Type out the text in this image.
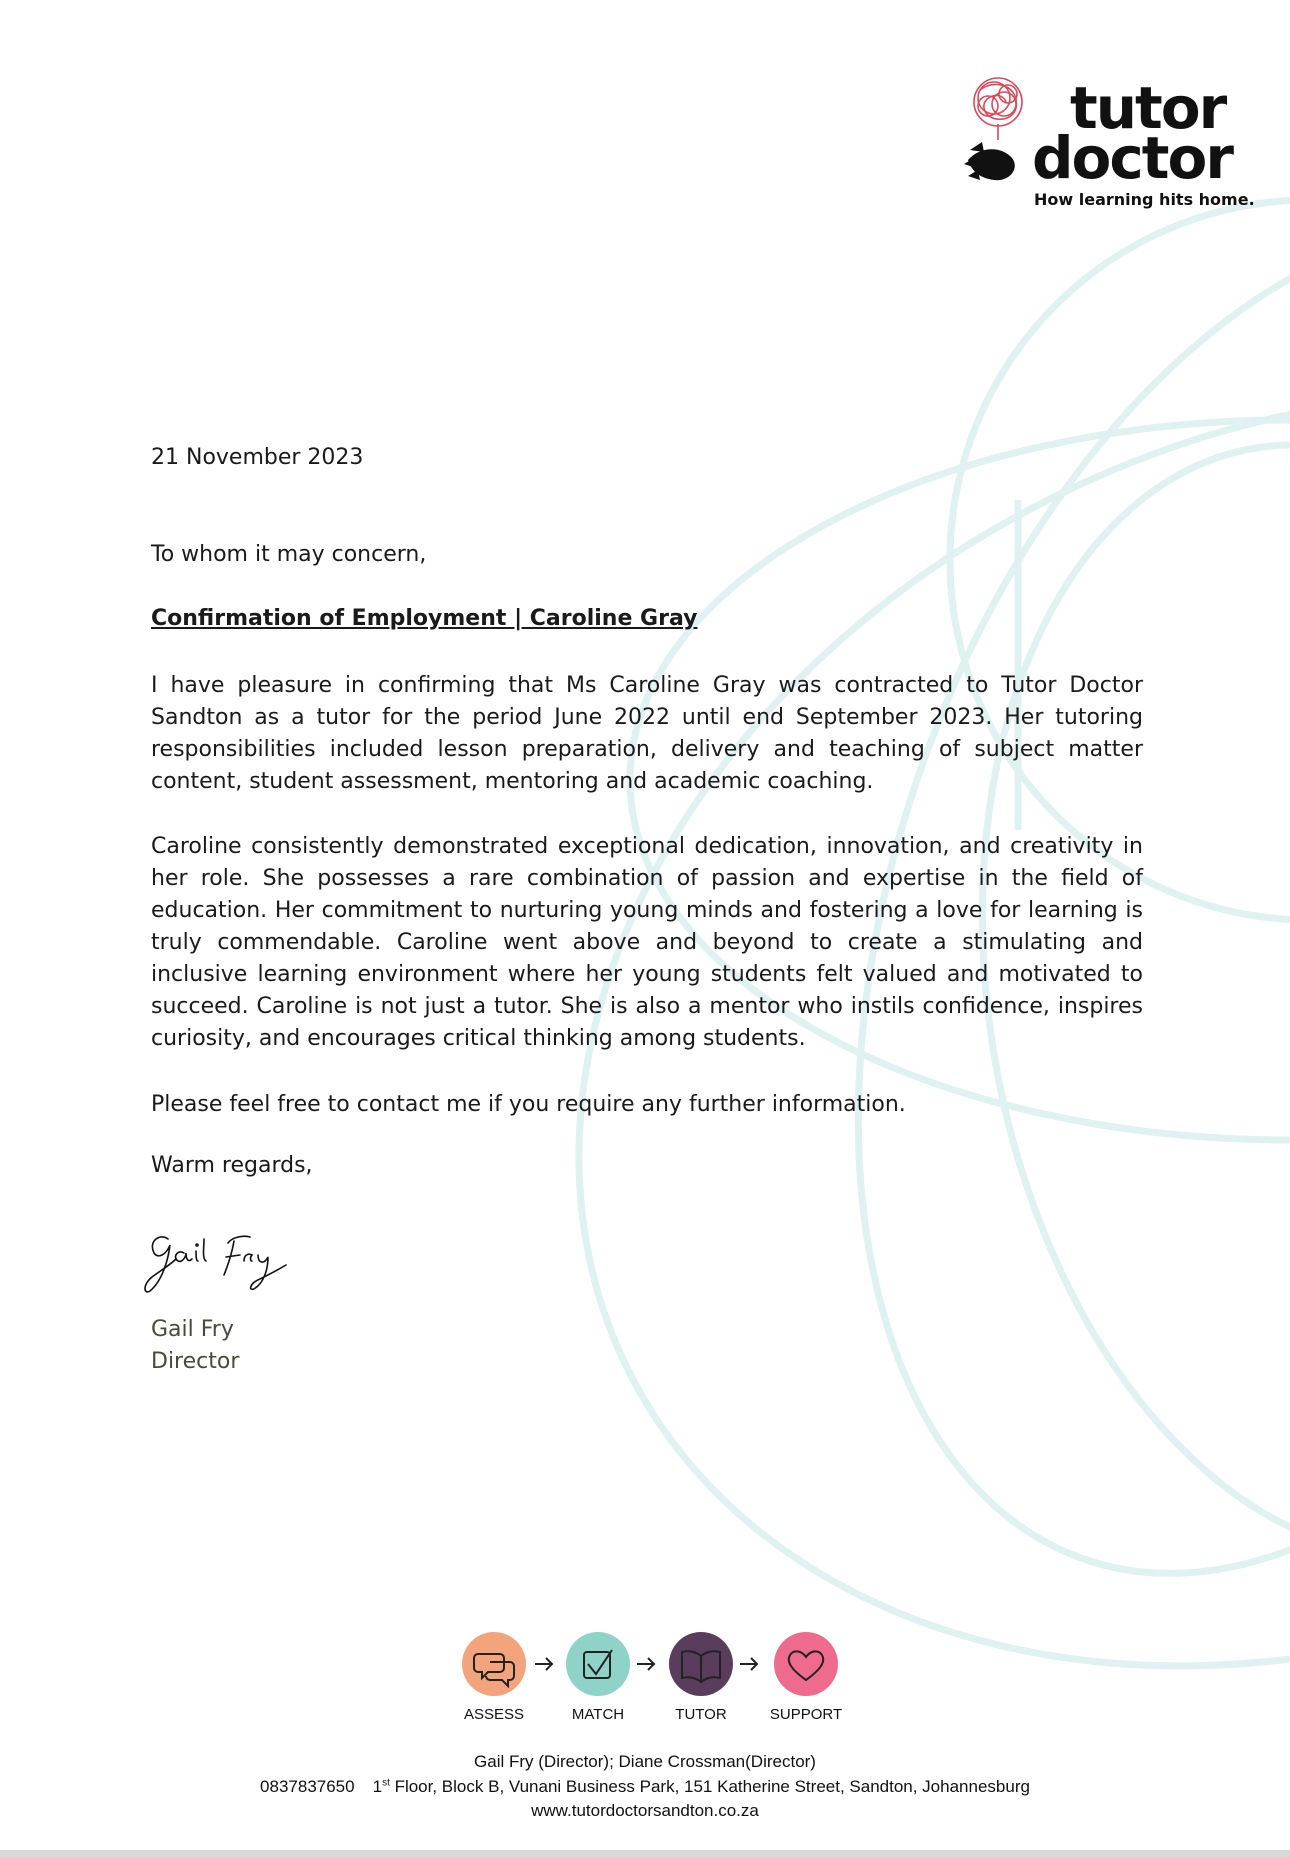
tutor
doctor
How learning hits home.
21 November 2023
To whom it may concern,
Confirmation of Employment | Caroline Gray
I have pleasure in confirming that Ms Caroline Gray was contracted to Tutor Doctor Sandton as a tutor for the period June 2022 until end September 2023. Her tutoring responsibilities included lesson preparation, delivery and teaching of subject matter content, student assessment, mentoring and academic coaching.
Caroline consistently demonstrated exceptional dedication, innovation, and creativity in her role. She possesses a rare combination of passion and expertise in the field of education. Her commitment to nurturing young minds and fostering a love for learning is truly commendable. Caroline went above and beyond to create a stimulating and inclusive learning environment where her young students felt valued and motivated to succeed. Caroline is not just a tutor. She is also a mentor who instils confidence, inspires curiosity, and encourages critical thinking among students.
Please feel free to contact me if you require any further information.
Warm regards,
Gail Fry
Director
ASSESS	MATCH	TUTOR	SUPPORT
Gail Fry (Director); Diane Crossman(Director)
0837837650 1st Floor, Block B, Vunani Business Park, 151 Katherine Street, Sandton, Johannesburg
www.tutordoctorsandton.co.za
